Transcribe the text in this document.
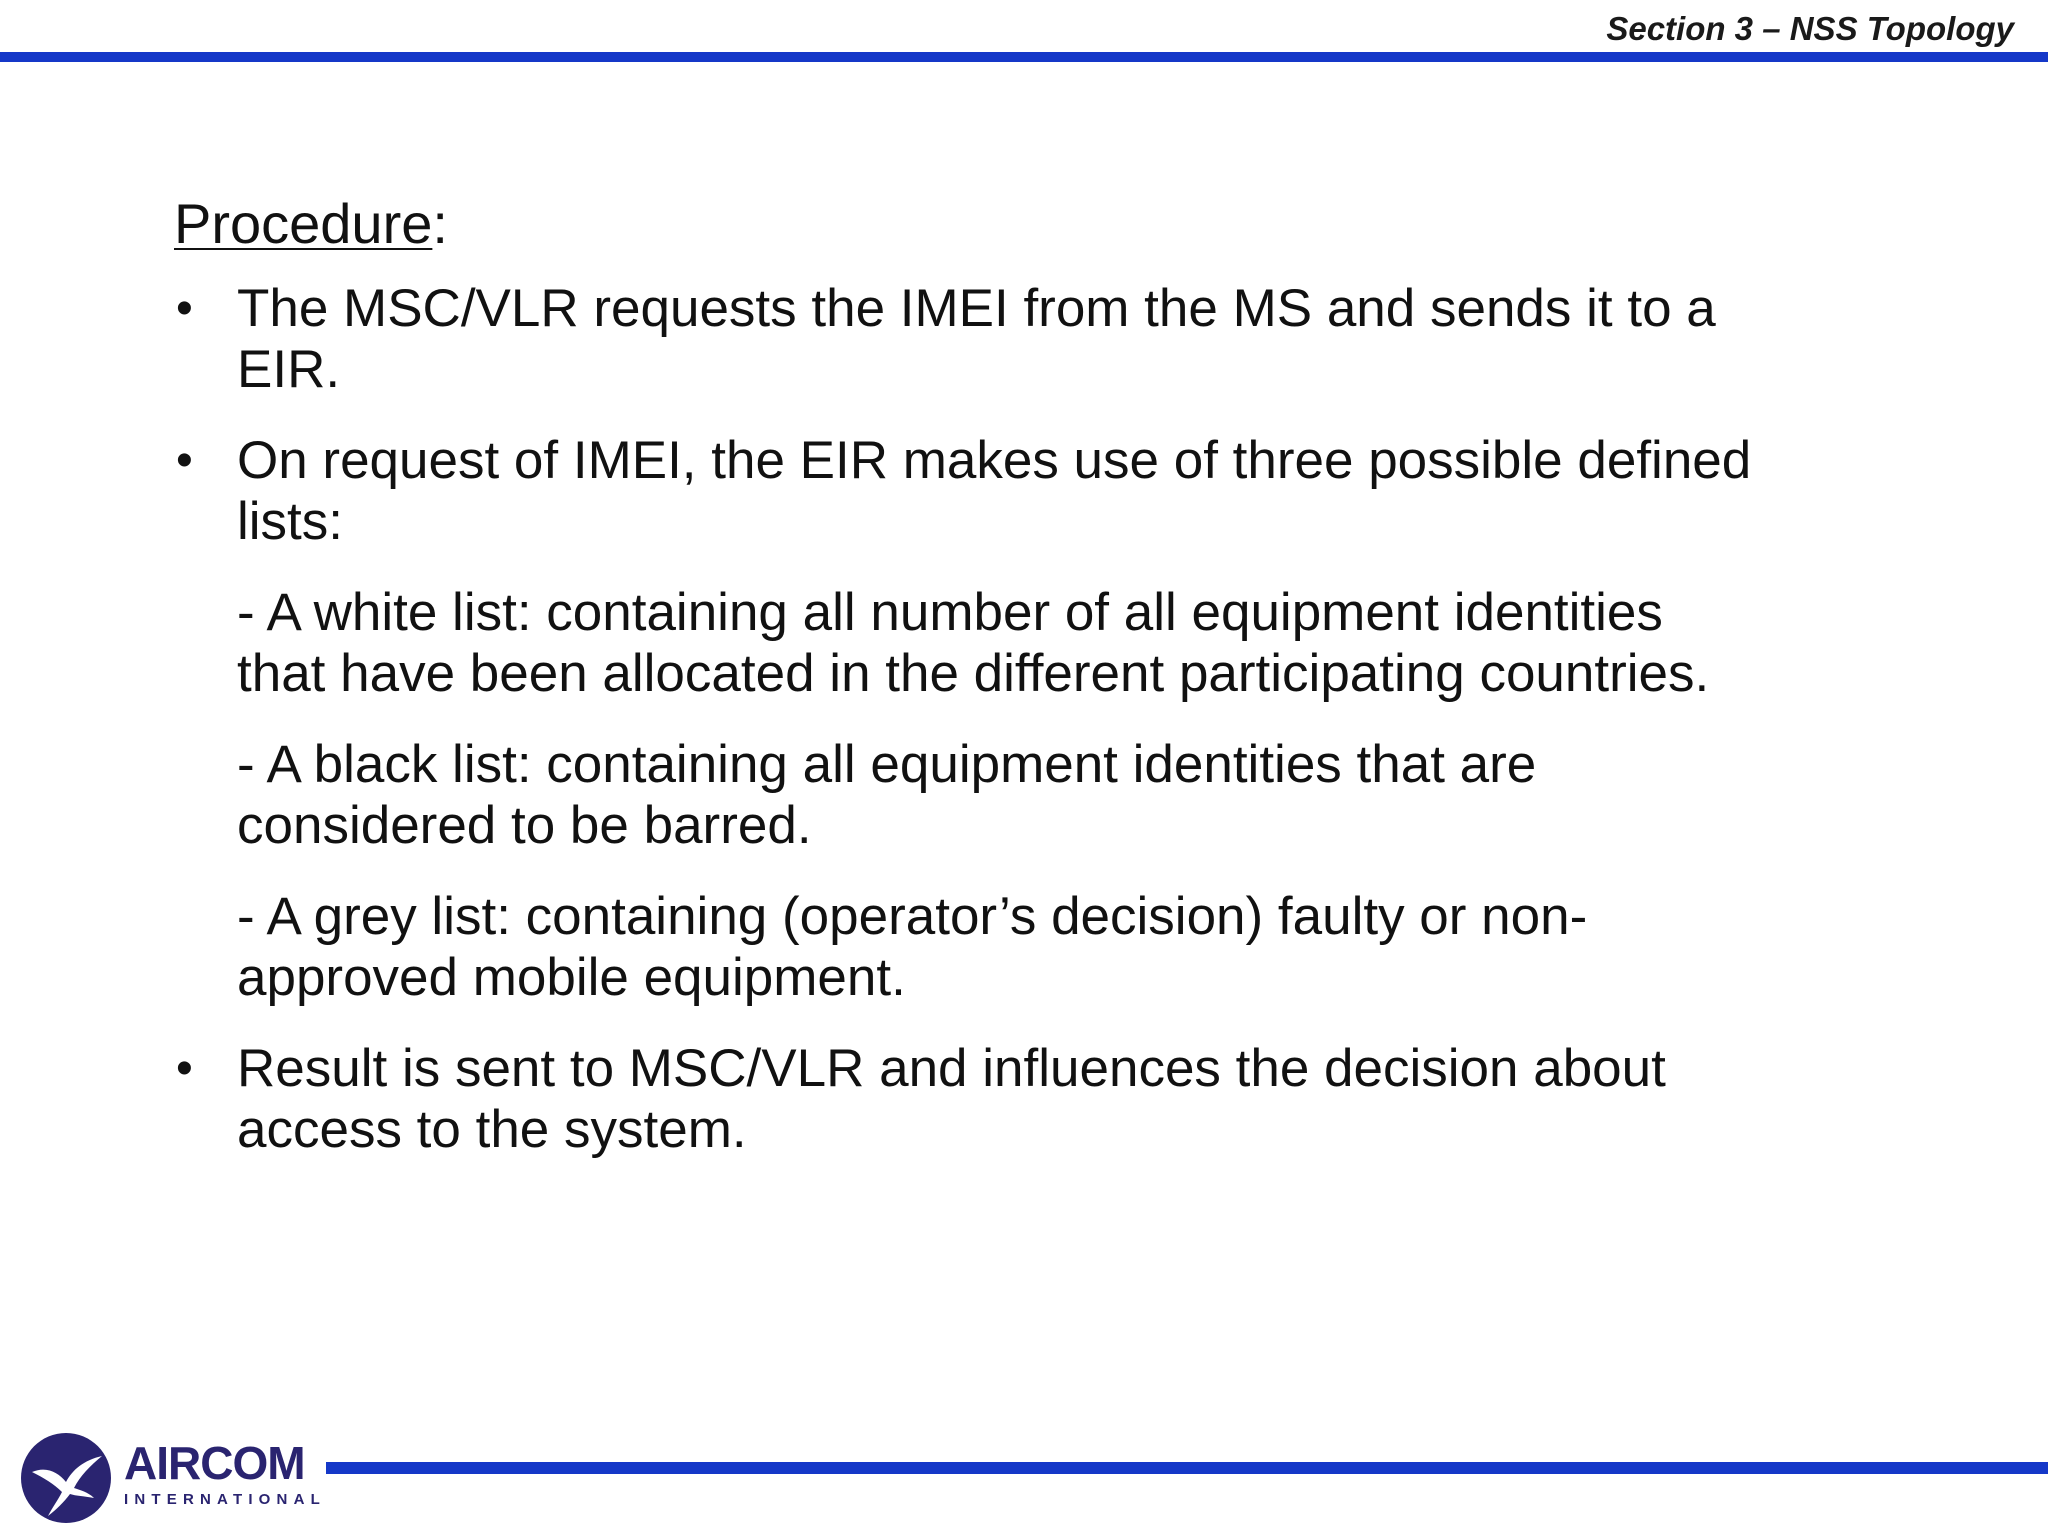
Section 3 – NSS Topology
Procedure:
• The MSC/VLR requests the IMEI from the MS and sends it to a
EIR.
• On request of IMEI, the EIR makes use of three possible defined
lists:
- A white list: containing all number of all equipment identities
that have been allocated in the different participating countries.
- A black list: containing all equipment identities that are
considered to be barred.
- A grey list: containing (operator’s decision) faulty or non-
approved mobile equipment.
• Result is sent to MSC/VLR and influences the decision about
access to the system.
AIRCOM
INTERNATIONAL
